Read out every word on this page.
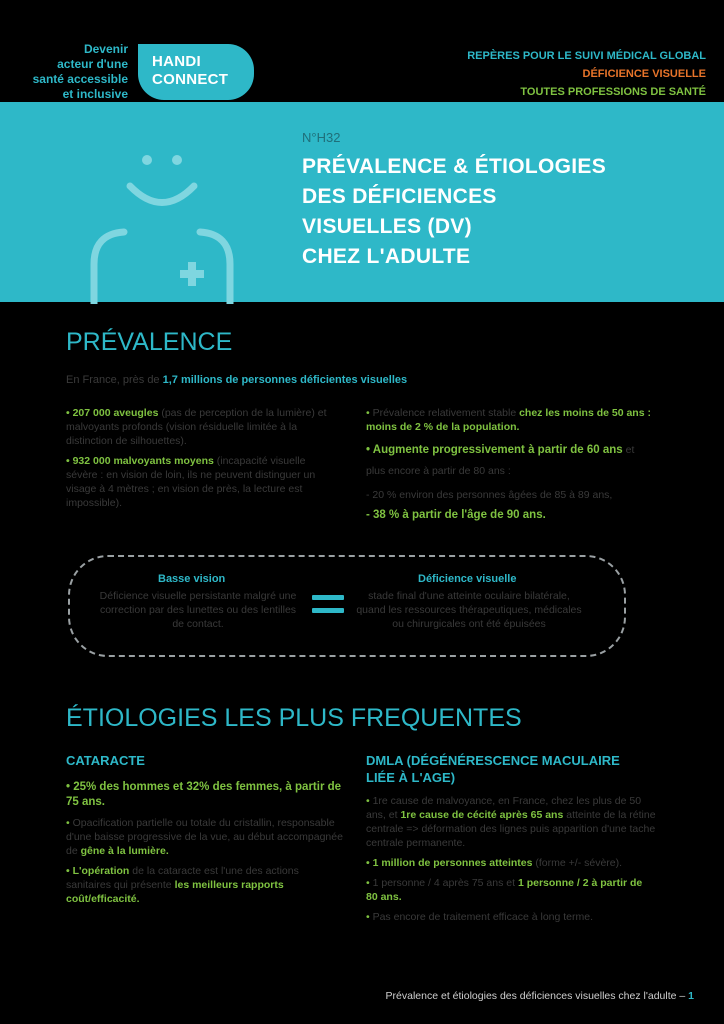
Devenir
acteur d'une
santé accessible
et inclusive
HANDI
CONNECT
REPÈRES POUR LE SUIVI MÉDICAL GLOBAL
DÉFICIENCE VISUELLE
TOUTES PROFESSIONS DE SANTÉ
N°H32
PRÉVALENCE & ÉTIOLOGIES
DES DÉFICIENCES
VISUELLES (DV)
CHEZ L'ADULTE
PRÉVALENCE
En France, près de 1,7 millions de personnes déficientes visuelles

• 207 000 aveugles (pas de perception de la lumière) et malvoyants profonds (vision résiduelle limitée à la distinction de silhouettes).

• 932 000 malvoyants moyens (incapacité visuelle sévère : en vision de loin, ils ne peuvent distinguer un visage à 4 mètres ; en vision de près, la lecture est impossible).

• Prévalence relativement stable chez les moins de 50 ans : moins de 2 % de la population.

• Augmente progressivement à partir de 60 ans et plus encore à partir de 80 ans :

- 20 % environ des personnes âgées de 85 à 89 ans,

- 38 % à partir de l'âge de 90 ans.

Basse vision
Déficience visuelle persistante malgré une correction par des lunettes ou des lentilles de contact.
Déficience visuelle
stade final d'une atteinte oculaire bilatérale, quand les ressources thérapeutiques, médicales ou chirurgicales ont été épuisées
ÉTIOLOGIES LES PLUS FREQUENTES
CATARACTE

• 25% des hommes et 32% des femmes, à partir de 75 ans.

• Opacification partielle ou totale du cristallin, responsable d'une baisse progressive de la vue, au début accompagnée de gêne à la lumière.

• L'opération de la cataracte est l'une des actions sanitaires qui présente les meilleurs rapports coût/efficacité.

DMLA (DÉGÉNÉRESCENCE MACULAIRE
LIÉE À L'AGE)

• 1re cause de malvoyance, en France, chez les plus de 50 ans, et 1re cause de cécité après 65 ans atteinte de la rétine centrale => déformation des lignes puis apparition d'une tache centrale permanente.

• 1 million de personnes atteintes (forme +/- sévère).

• 1 personne / 4 après 75 ans et 1 personne / 2 à partir de 80 ans.

• Pas encore de traitement efficace à long terme.

Prévalence et étiologies des déficiences visuelles chez l'adulte – 1
